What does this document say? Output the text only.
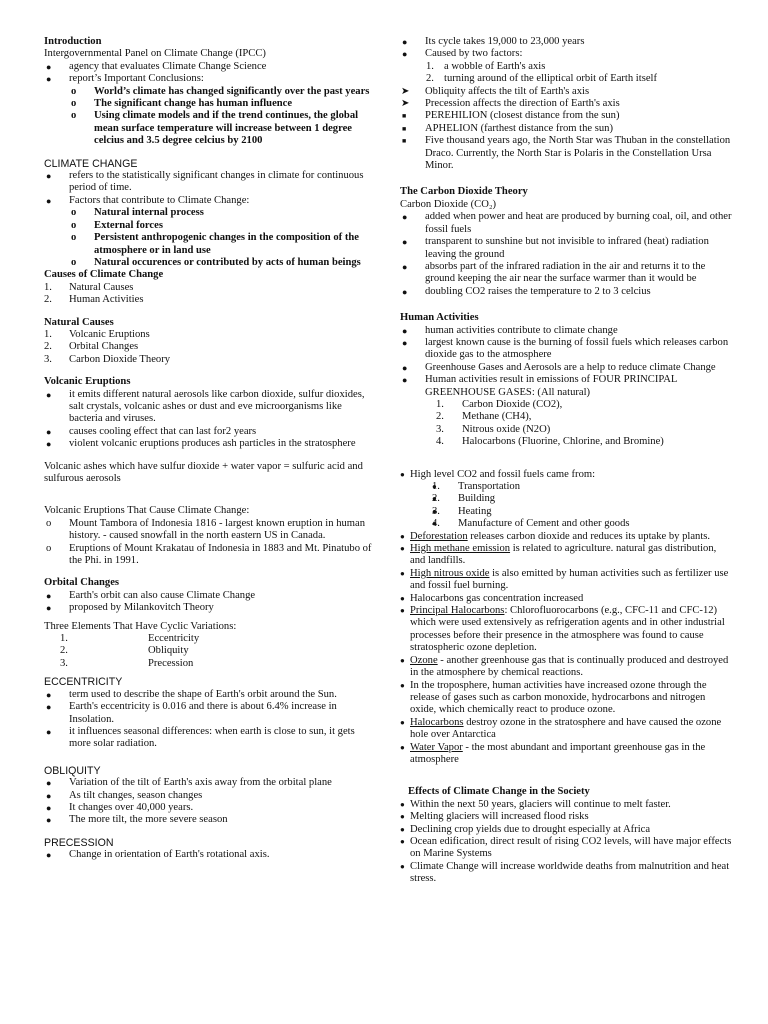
Introduction
Intergovernmental Panel on Climate Change (IPCC)
● agency that evaluates Climate Change Science
● report’s Important Conclusions:
o World’s climate has changed significantly over the past years
o The significant change has human influence
o Using climate models and if the trend continues, the global mean surface temperature will increase between 1 degree celcius and 3.5 degree celcius by 2100
CLIMATE CHANGE
● refers to the statistically significant changes in climate for continuous period of time.
● Factors that contribute to Climate Change:
o Natural internal process
o External forces
o Persistent anthropogenic changes in the composition of the atmosphere or in land use
o Natural occurences or contributed by acts of human beings
Causes of Climate Change
1. Natural Causes
2. Human Activities
Natural Causes
1. Volcanic Eruptions
2. Orbital Changes
3. Carbon Dioxide Theory
Volcanic Eruptions
● it emits different natural aerosols like carbon dioxide, sulfur dioxides, salt crystals, volcanic ashes or dust and eve microorganisms like bacteria and viruses.
● causes cooling effect that can last for2 years
● violent volcanic eruptions produces ash particles in the stratosphere
Volcanic ashes which have sulfur dioxide + water vapor = sulfuric acid and sulfurous aerosols
Volcanic Eruptions That Cause Climate Change:
o Mount Tambora of Indonesia 1816 - largest known eruption in human history. - caused snowfall in the north eastern US in Canada.
o Eruptions of Mount Krakatau of Indonesia in 1883 and Mt. Pinatubo of the Phi. in 1991.
Orbital Changes
● Earth's orbit can also cause Climate Change
● proposed by Milankovitch Theory
Three Elements That Have Cyclic Variations:
1.	Eccentricity
2.	Obliquity
3.	Precession
ECCENTRICITY
● term used to describe the shape of Earth's orbit around the Sun.
● Earth's eccentricity is 0.016 and there is about 6.4% increase in Insolation.
● it influences seasonal differences: when earth is close to sun, it gets more solar radiation.
OBLIQUITY
● Variation of the tilt of Earth's axis away from the orbital plane
● As tilt changes, season changes
● It changes over 40,000 years.
● The more tilt, the more severe season
PRECESSION
● Change in orientation of Earth's rotational axis.
● Its cycle takes 19,000 to 23,000 years
● Caused by two factors:
1. a wobble of Earth's axis
2. turning around of the elliptical orbit of Earth itself
➤ Obliquity affects the tilt of Earth's axis
➤ Precession affects the direction of Earth's axis
■ PEREHILION (closest distance from the sun)
■ APHELION (farthest distance from the sun)
■ Five thousand years ago, the North Star was Thuban in the constellation Draco. Currently, the North Star is Polaris in the Constellation Ursa Minor.
The Carbon Dioxide Theory
Carbon Dioxide (CO₂)
● added when power and heat are produced by burning coal, oil, and other fossil fuels
● transparent to sunshine but not invisible to infrared (heat) radiation leaving the ground
● absorbs part of the infrared radiation in the air and returns it to the ground keeping the air near the surface warmer than it would be
● doubling CO2 raises the temperature to 2 to 3 celcius
Human Activities
● human activities contribute to climate change
● largest known cause is the burning of fossil fuels which releases carbon dioxide gas to the atmosphere
● Greenhouse Gases and Aerosols are a help to reduce climate Change
● Human activities result in emissions of FOUR PRINCIPAL GREENHOUSE GASES: (All natural)
1. Carbon Dioxide (CO2),
2. Methane (CH4),
3. Nitrous oxide (N2O)
4. Halocarbons (Fluorine, Chlorine, and Bromine)
● High level CO2 and fossil fuels came from:
● 1. Transportation
● 2. Building
● 3. Heating
● 4. Manufacture of Cement and other goods
● Deforestation releases carbon dioxide and reduces its uptake by plants.
● High methane emission is related to agriculture. natural gas distribution, and landfills.
● High nitrous oxide is also emitted by human activities such as fertilizer use and fossil fuel burning.
● Halocarbons gas concentration increased
● Principal Halocarbons: Chlorofluorocarbons (e.g., CFC-11 and CFC-12) which were used extensively as refrigeration agents and in other industrial processes before their presence in the atmosphere was found to cause stratospheric ozone depletion.
● Ozone - another greenhouse gas that is continually produced and destroyed in the atmosphere by chemical reactions.
● In the troposphere, human activities have increased ozone through the release of gases such as carbon monoxide, hydrocarbons and nitrogen oxide, which chemically react to produce ozone.
● Halocarbons destroy ozone in the stratosphere and have caused the ozone hole over Antarctica
● Water Vapor - the most abundant and important greenhouse gas in the atmosphere
Effects of Climate Change in the Society
● Within the next 50 years, glaciers will continue to melt faster.
● Melting glaciers will increased flood risks
● Declining crop yields due to drought especially at Africa
● Ocean edification, direct result of rising CO2 levels, will have major effects on Marine Systems
● Climate Change will increase worldwide deaths from malnutrition and heat stress.
